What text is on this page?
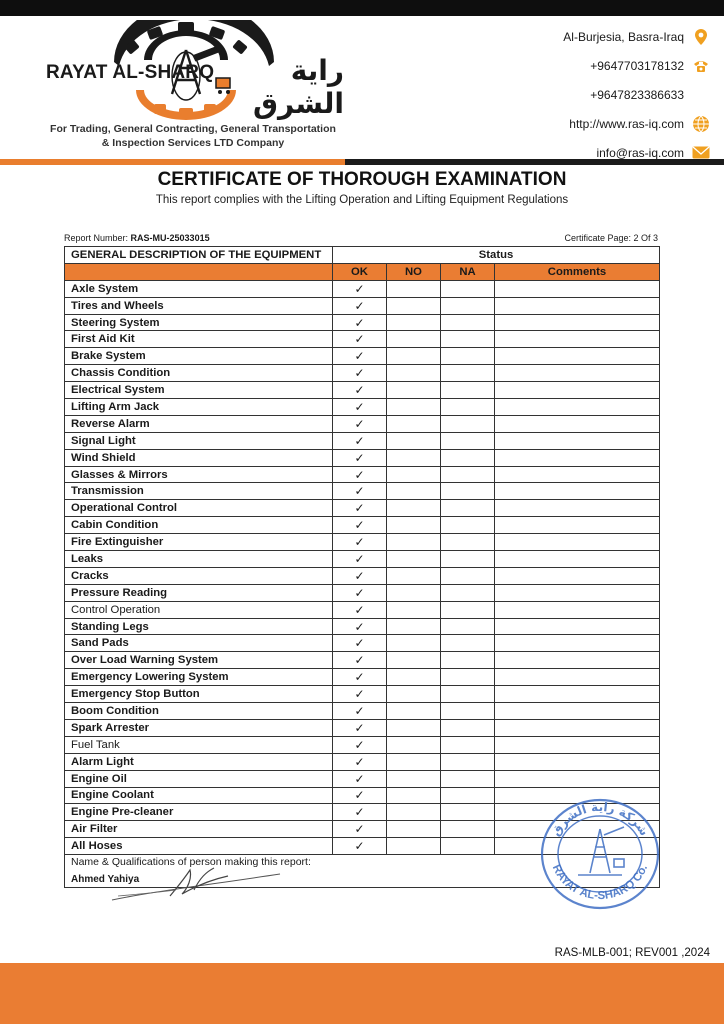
RAYAT AL-SHARQ	راية الشرق
For Trading, General Contracting, General Transportation
& Inspection Services LTD Company
Al-Burjesia, Basra-Iraq
+9647703178132
+9647823386633
http://www.ras-iq.com
info@ras-iq.com
CERTIFICATE OF THOROUGH EXAMINATION
This report complies with the Lifting Operation and Lifting Equipment Regulations
Report Number: RAS-MU-25033015	Certificate Page: 2 Of 3
GENERAL DESCRIPTION OF THE EQUIPMENT	Status			
	OK	NO	NA	Comments
Axle System	✓			
Tires and Wheels	✓			
Steering System	✓			
First Aid Kit	✓			
Brake System	✓			
Chassis Condition	✓			
Electrical System	✓			
Lifting Arm Jack	✓			
Reverse Alarm	✓			
Signal Light	✓			
Wind Shield	✓			
Glasses & Mirrors	✓			
Transmission	✓			
Operational Control	✓			
Cabin Condition	✓			
Fire Extinguisher	✓			
Leaks	✓			
Cracks	✓			
Pressure Reading	✓			
Control Operation	✓			
Standing Legs	✓			
Sand Pads	✓			
Over Load Warning System	✓			
Emergency Lowering System	✓			
Emergency Stop Button	✓			
Boom Condition	✓			
Spark Arrester	✓			
Fuel Tank	✓			
Alarm Light	✓			
Engine Oil	✓			
Engine Coolant	✓			
Engine Pre-cleaner	✓			
Air Filter	✓			
All Hoses	✓			

Name & Qualifications of person making this report:
Ahmed Yahiya				
شركة راية الشرق
RAYAT AL-SHARQ Co.
RAS-MLB-001; REV001 ,2024
